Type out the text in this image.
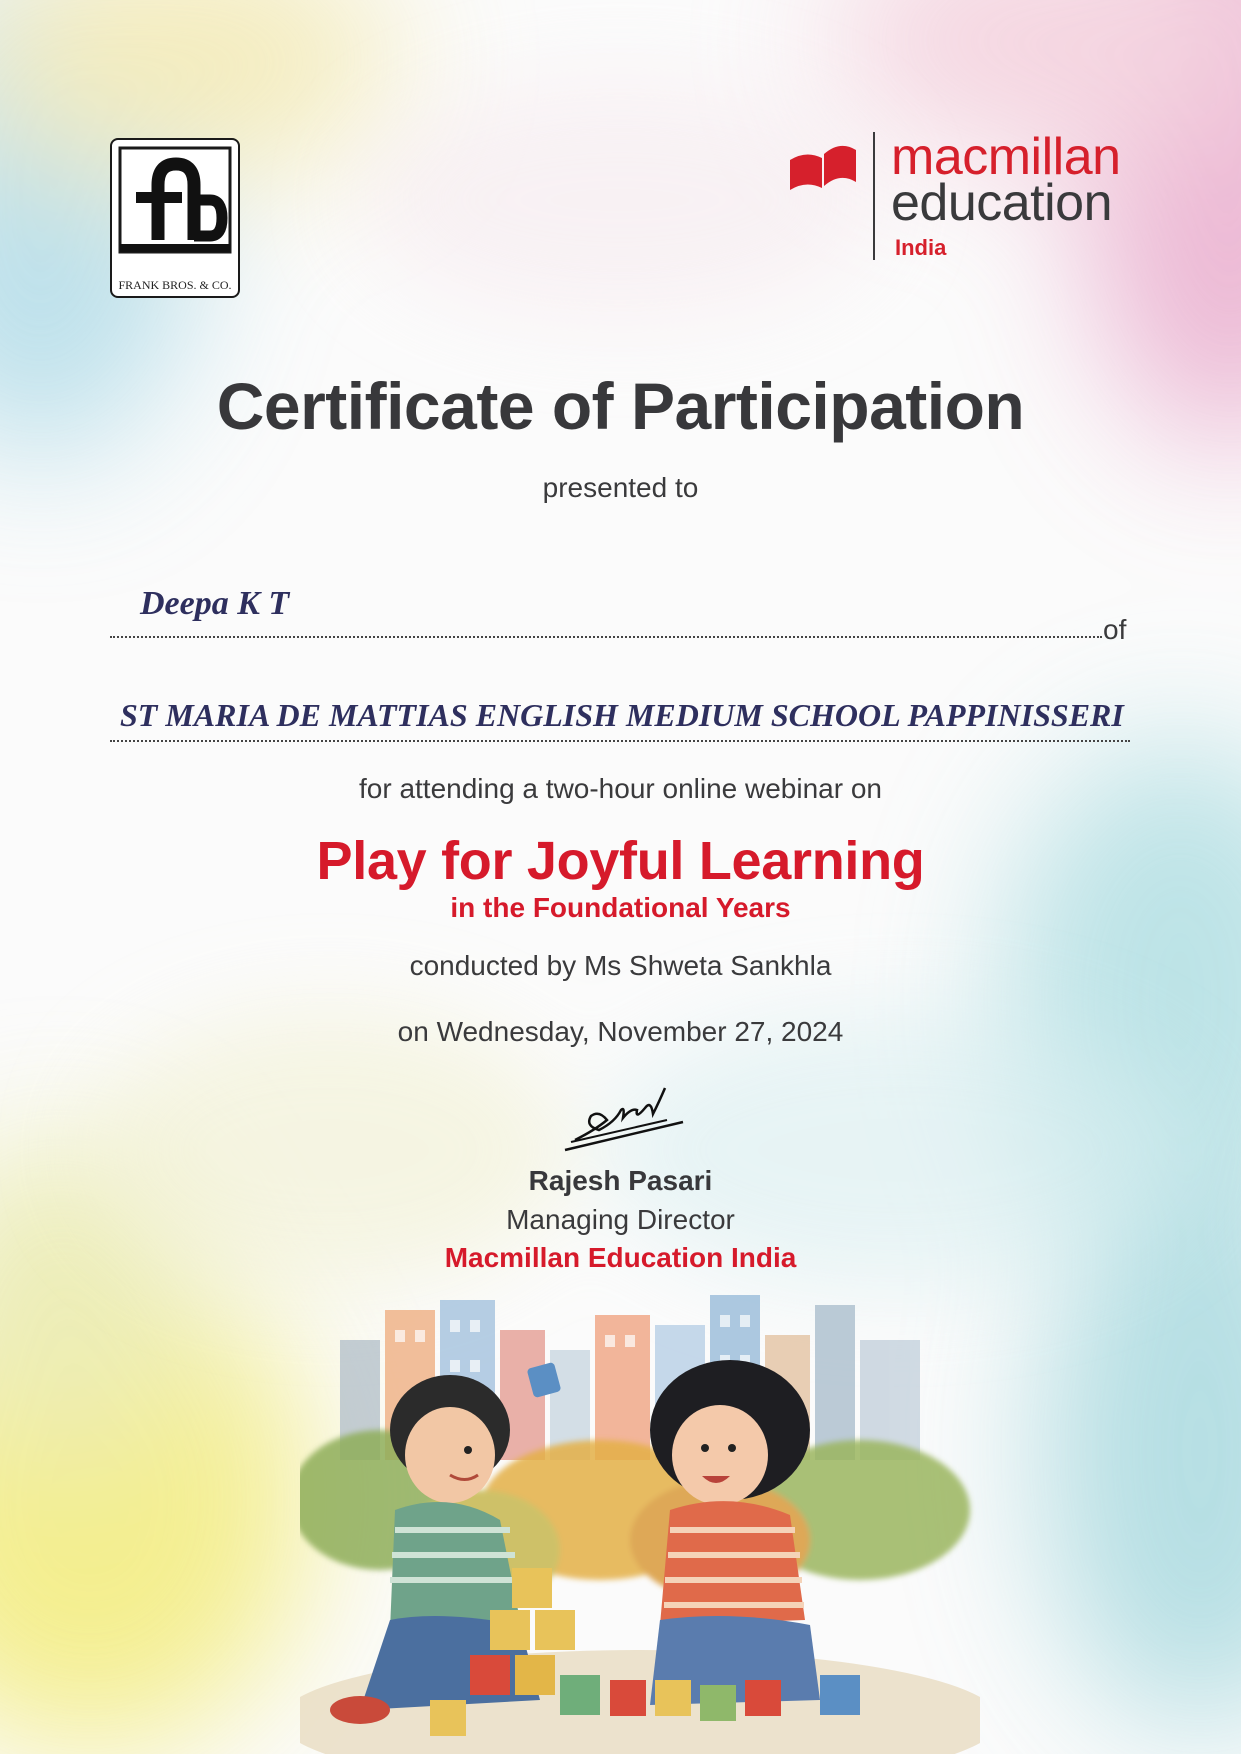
FRANK BROS. & CO.
macmillan
education
India
Certificate of Participation
presented to
Deepa K T
of
ST MARIA DE MATTIAS ENGLISH MEDIUM SCHOOL PAPPINISSERI
for attending a two-hour online webinar on
Play for Joyful Learning
in the Foundational Years
conducted by Ms Shweta Sankhla
on Wednesday, November 27, 2024
Rajesh Pasari
Managing Director
Macmillan Education India
